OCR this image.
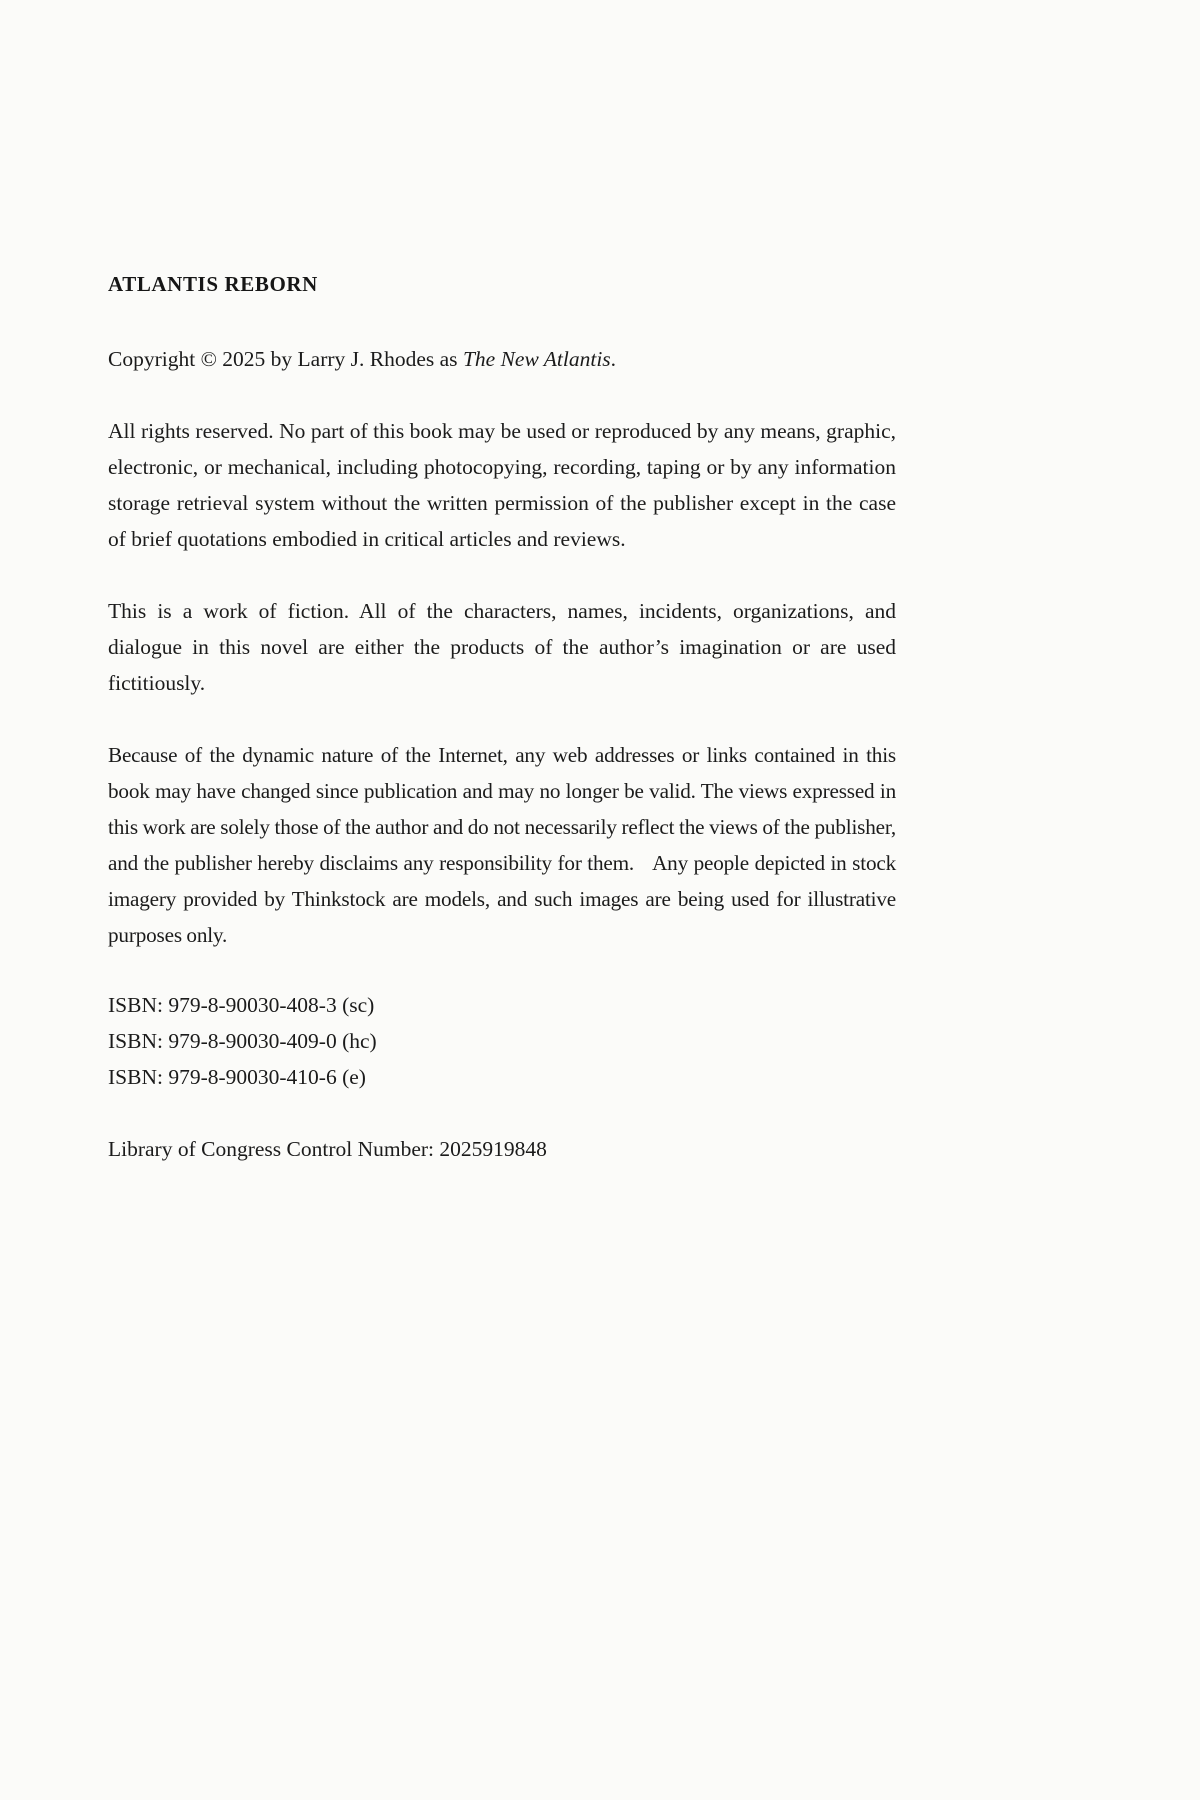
ATLANTIS REBORN

Copyright © 2025 by Larry J. Rhodes as The New Atlantis.

All rights reserved. No part of this book may be used or reproduced by any means, graphic, electronic, or mechanical, including photocopying, recording, taping or by any information storage retrieval system without the written permission of the publisher except in the case of brief quotations embodied in critical articles and reviews.

This is a work of fiction. All of the characters, names, incidents, organizations, and dialogue in this novel are either the products of the author’s imagination or are used fictitiously.

Because of the dynamic nature of the Internet, any web addresses or links contained in this book may have changed since publication and may no longer be valid. The views expressed in this work are solely those of the author and do not necessarily reflect the views of the publisher, and the publisher hereby disclaims any responsibility for them. Any people depicted in stock imagery provided by Thinkstock are models, and such images are being used for illustrative purposes only.

ISBN: 979-8-90030-408-3 (sc)
ISBN: 979-8-90030-409-0 (hc)
ISBN: 979-8-90030-410-6 (e)

Library of Congress Control Number: 2025919848
